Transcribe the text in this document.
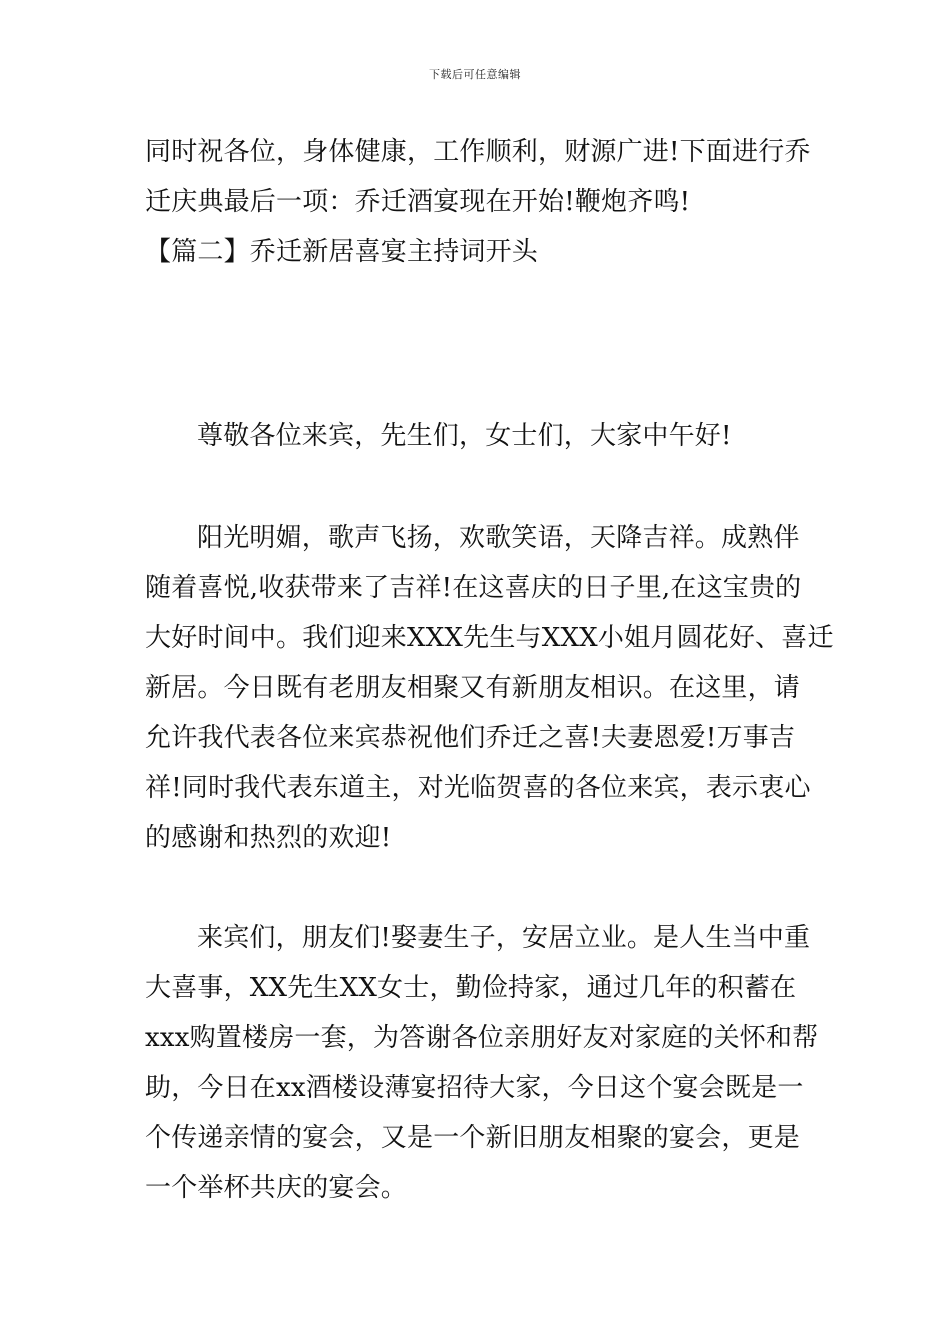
下载后可任意编辑
同时祝各位，身体健康，工作顺利，财源广进!下面进行乔
迁庆典最后一项：乔迁酒宴现在开始!鞭炮齐鸣!
【篇二】乔迁新居喜宴主持词开头
尊敬各位来宾，先生们，女士们，大家中午好!
阳光明媚，歌声飞扬，欢歌笑语，天降吉祥。成熟伴
随着喜悦,收获带来了吉祥!在这喜庆的日子里,在这宝贵的
大好时间中。我们迎来XXX先生与XXX小姐月圆花好、喜迁
新居。今日既有老朋友相聚又有新朋友相识。在这里，请
允许我代表各位来宾恭祝他们乔迁之喜!夫妻恩爱!万事吉
祥!同时我代表东道主，对光临贺喜的各位来宾，表示衷心
的感谢和热烈的欢迎!
来宾们，朋友们!娶妻生子，安居立业。是人生当中重
大喜事，XX先生XX女士，勤俭持家，通过几年的积蓄在
xxx购置楼房一套，为答谢各位亲朋好友对家庭的关怀和帮
助，今日在xx酒楼设薄宴招待大家，今日这个宴会既是一
个传递亲情的宴会，又是一个新旧朋友相聚的宴会，更是
一个举杯共庆的宴会。
